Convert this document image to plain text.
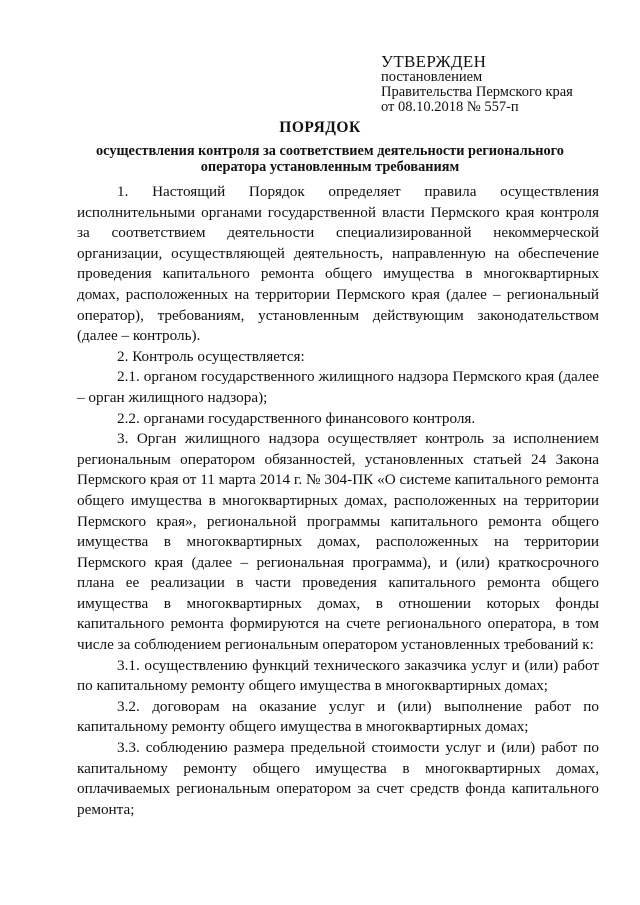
УТВЕРЖДЕН
постановлением
Правительства Пермского края
от 08.10.2018 № 557-п
ПОРЯДОК
осуществления контроля за соответствием деятельности регионального
оператора установленным требованиям

1. Настоящий Порядок определяет правила осуществления исполнительными органами государственной власти Пермского края контроля за соответствием деятельности специализированной некоммерческой организации, осуществляющей деятельность, направленную на обеспечение проведения капитального ремонта общего имущества в многоквартирных домах, расположенных на территории Пермского края (далее – региональный оператор), требованиям, установленным действующим законодательством (далее – контроль).

2. Контроль осуществляется:

2.1. органом государственного жилищного надзора Пермского края (далее – орган жилищного надзора);

2.2. органами государственного финансового контроля.

3. Орган жилищного надзора осуществляет контроль за исполнением региональным оператором обязанностей, установленных статьей 24 Закона Пермского края от 11 марта 2014 г. № 304-ПК «О системе капитального ремонта общего имущества в многоквартирных домах, расположенных на территории Пермского края», региональной программы капитального ремонта общего имущества в многоквартирных домах, расположенных на территории Пермского края (далее – региональная программа), и (или) краткосрочного плана ее реализации в части проведения капитального ремонта общего имущества в многоквартирных домах, в отношении которых фонды капитального ремонта формируются на счете регионального оператора, в том числе за соблюдением региональным оператором установленных требований к:

3.1. осуществлению функций технического заказчика услуг и (или) работ по капитальному ремонту общего имущества в многоквартирных домах;

3.2. договорам на оказание услуг и (или) выполнение работ по капитальному ремонту общего имущества в многоквартирных домах;

3.3. соблюдению размера предельной стоимости услуг и (или) работ по капитальному ремонту общего имущества в многоквартирных домах, оплачиваемых региональным оператором за счет средств фонда капитального ремонта;
